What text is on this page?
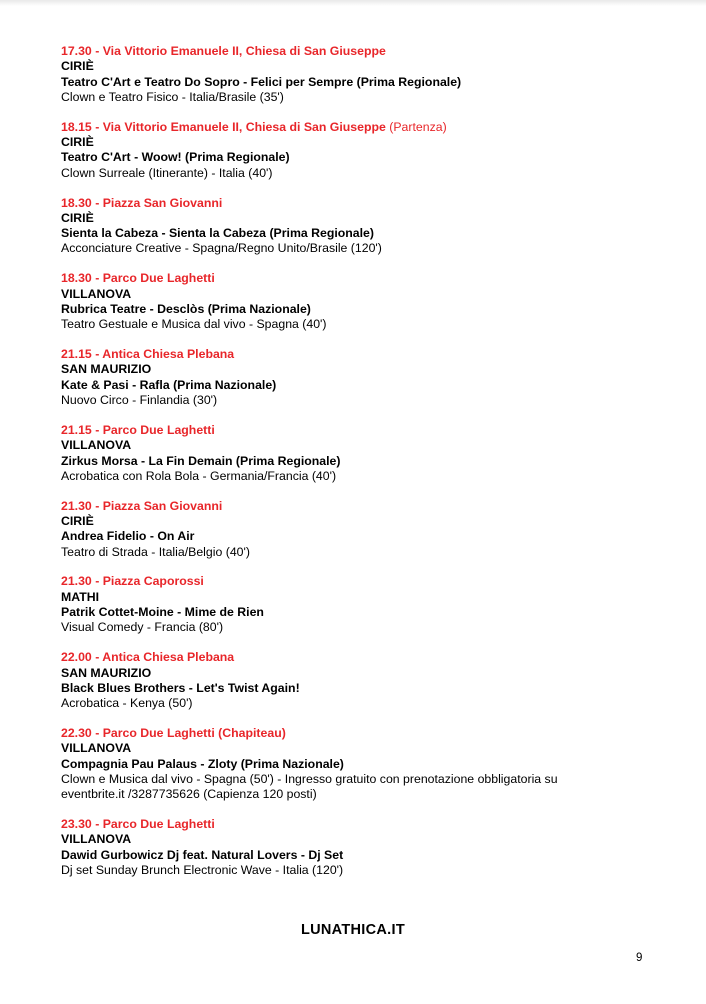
17.30 - Via Vittorio Emanuele II, Chiesa di San Giuseppe
CIRIÈ
Teatro C'Art e Teatro Do Sopro - Felici per Sempre (Prima Regionale)
Clown e Teatro Fisico - Italia/Brasile (35')
18.15 - Via Vittorio Emanuele II, Chiesa di San Giuseppe (Partenza)
CIRIÈ
Teatro C'Art - Woow! (Prima Regionale)
Clown Surreale (Itinerante) - Italia (40')
18.30 - Piazza San Giovanni
CIRIÈ
Sienta la Cabeza - Sienta la Cabeza (Prima Regionale)
Acconciature Creative - Spagna/Regno Unito/Brasile (120')
18.30 - Parco Due Laghetti
VILLANOVA
Rubrica Teatre - Desclòs (Prima Nazionale)
Teatro Gestuale e Musica dal vivo - Spagna (40')
21.15 - Antica Chiesa Plebana
SAN MAURIZIO
Kate & Pasi - Rafla (Prima Nazionale)
Nuovo Circo - Finlandia (30')
21.15 - Parco Due Laghetti
VILLANOVA
Zirkus Morsa - La Fin Demain (Prima Regionale)
Acrobatica con Rola Bola - Germania/Francia (40')
21.30 - Piazza San Giovanni
CIRIÈ
Andrea Fidelio - On Air
Teatro di Strada - Italia/Belgio (40')
21.30 - Piazza Caporossi
MATHI
Patrik Cottet-Moine - Mime de Rien
Visual Comedy - Francia (80')
22.00 - Antica Chiesa Plebana
SAN MAURIZIO
Black Blues Brothers - Let's Twist Again!
Acrobatica - Kenya (50')
22.30 - Parco Due Laghetti (Chapiteau)
VILLANOVA
Compagnia Pau Palaus - Zloty (Prima Nazionale)
Clown e Musica dal vivo - Spagna (50') - Ingresso gratuito con prenotazione obbligatoria su eventbrite.it /3287735626 (Capienza 120 posti)
23.30 - Parco Due Laghetti
VILLANOVA
Dawid Gurbowicz Dj feat. Natural Lovers - Dj Set
Dj set Sunday Brunch Electronic Wave - Italia (120')
LUNATHICA.IT
9
